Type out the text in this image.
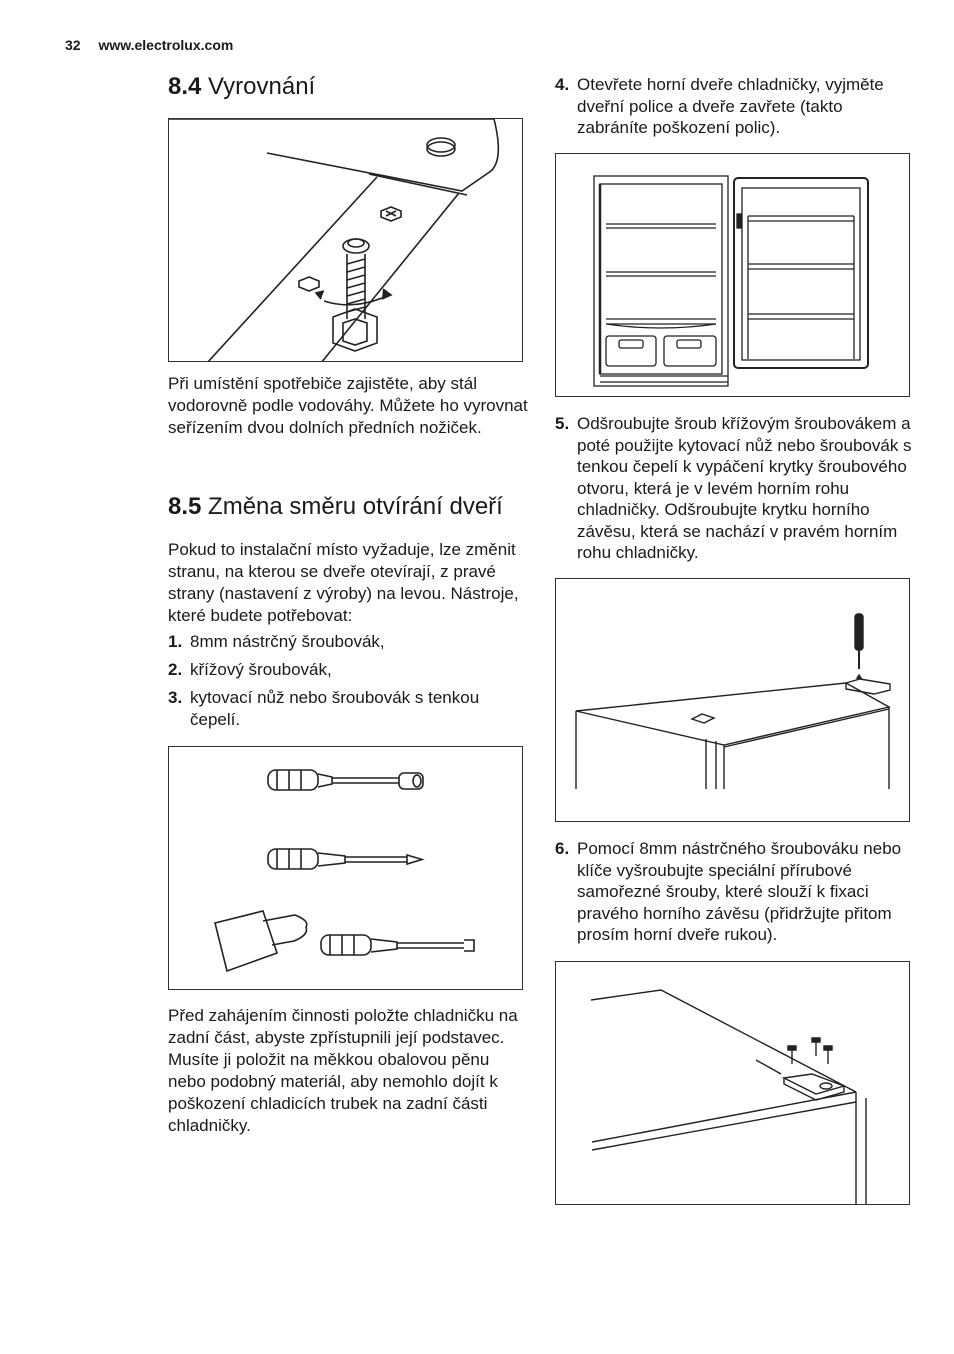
32 www.electrolux.com
8.4 Vyrovnání

Při umístění spotřebiče zajistěte, aby stál vodorovně podle vodováhy. Můžete ho vyrovnat seřízením dvou dolních předních nožiček.

8.5 Změna směru otvírání dveří

Pokud to instalační místo vyžaduje, lze změnit stranu, na kterou se dveře otevírají, z pravé strany (nastavení z výroby) na levou. Nástroje, které budete potřebovat:

1. 8mm nástrčný šroubovák,
2. křížový šroubovák,
3. kytovací nůž nebo šroubovák s tenkou čepelí.

Před zahájením činnosti položte chladničku na zadní část, abyste zpřístupnili její podstavec. Musíte ji položit na měkkou obalovou pěnu nebo podobný materiál, aby nemohlo dojít k poškození chladicích trubek na zadní části chladničky.

4. Otevřete horní dveře chladničky, vyjměte dveřní police a dveře zavřete (takto zabráníte poškození polic).
5. Odšroubujte šroub křížovým šroubovákem a poté použijte kytovací nůž nebo šroubovák s tenkou čepelí k vypáčení krytky šroubového otvoru, která je v levém horním rohu chladničky. Odšroubujte krytku horního závěsu, která se nachází v pravém horním rohu chladničky.
6. Pomocí 8mm nástrčného šroubováku nebo klíče vyšroubujte speciální přírubové samořezné šrouby, které slouží k fixaci pravého horního závěsu (přidržujte přitom prosím horní dveře rukou).
